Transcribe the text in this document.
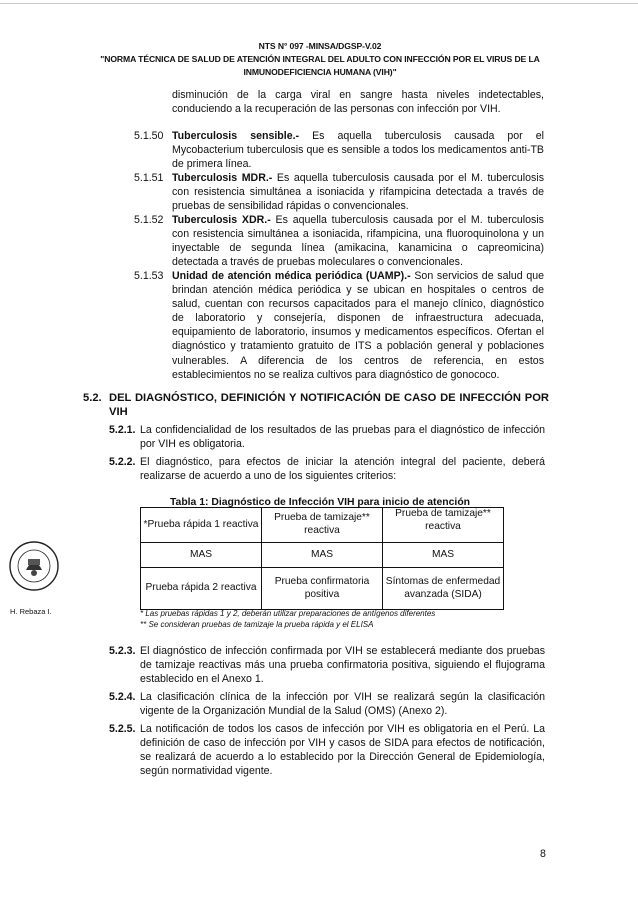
NTS N° 097 -MINSA/DGSP-V.02
"NORMA TÉCNICA DE SALUD DE ATENCIÓN INTEGRAL DEL ADULTO CON INFECCIÓN POR EL VIRUS DE LA
INMUNODEFICIENCIA HUMANA (VIH)"
disminución de la carga viral en sangre hasta niveles indetectables, conduciendo a la recuperación de las personas con infección por VIH.
5.1.50 Tuberculosis sensible.- Es aquella tuberculosis causada por el Mycobacterium tuberculosis que es sensible a todos los medicamentos anti-TB de primera línea.
5.1.51 Tuberculosis MDR.- Es aquella tuberculosis causada por el M. tuberculosis con resistencia simultánea a isoniacida y rifampicina detectada a través de pruebas de sensibilidad rápidas o convencionales.
5.1.52 Tuberculosis XDR.- Es aquella tuberculosis causada por el M. tuberculosis con resistencia simultánea a isoniacida, rifampicina, una fluoroquinolona y un inyectable de segunda línea (amikacina, kanamicina o capreomicina) detectada a través de pruebas moleculares o convencionales.
5.1.53 Unidad de atención médica periódica (UAMP).- Son servicios de salud que brindan atención médica periódica y se ubican en hospitales o centros de salud, cuentan con recursos capacitados para el manejo clínico, diagnóstico de laboratorio y consejería, disponen de infraestructura adecuada, equipamiento de laboratorio, insumos y medicamentos específicos. Ofertan el diagnóstico y tratamiento gratuito de ITS a población general y poblaciones vulnerables. A diferencia de los centros de referencia, en estos establecimientos no se realiza cultivos para diagnóstico de gonococo.
5.2. DEL DIAGNÓSTICO, DEFINICIÓN Y NOTIFICACIÓN DE CASO DE INFECCIÓN POR
VIH
5.2.1. La confidencialidad de los resultados de las pruebas para el diagnóstico de infección por VIH es obligatoria.
5.2.2. El diagnóstico, para efectos de iniciar la atención integral del paciente, deberá realizarse de acuerdo a uno de los siguientes criterios:
Tabla 1: Diagnóstico de Infección VIH para inicio de atención
*Prueba rápida 1 reactiva	Prueba de tamizaje** reactiva	Prueba de tamizaje** reactiva
MAS	MAS	MAS
Prueba rápida 2 reactiva	Prueba confirmatoria positiva	Síntomas de enfermedad avanzada (SIDA)
* Las pruebas rápidas 1 y 2, deberán utilizar preparaciones de antígenos diferentes
** Se consideran pruebas de tamizaje la prueba rápida y el ELISA
H. Rebaza I.
5.2.3. El diagnóstico de infección confirmada por VIH se establecerá mediante dos pruebas de tamizaje reactivas más una prueba confirmatoria positiva, siguiendo el flujograma establecido en el Anexo 1.
5.2.4. La clasificación clínica de la infección por VIH se realizará según la clasificación vigente de la Organización Mundial de la Salud (OMS) (Anexo 2).
5.2.5. La notificación de todos los casos de infección por VIH es obligatoria en el Perú. La definición de caso de infección por VIH y casos de SIDA para efectos de notificación, se realizará de acuerdo a lo establecido por la Dirección General de Epidemiología, según normatividad vigente.
8
